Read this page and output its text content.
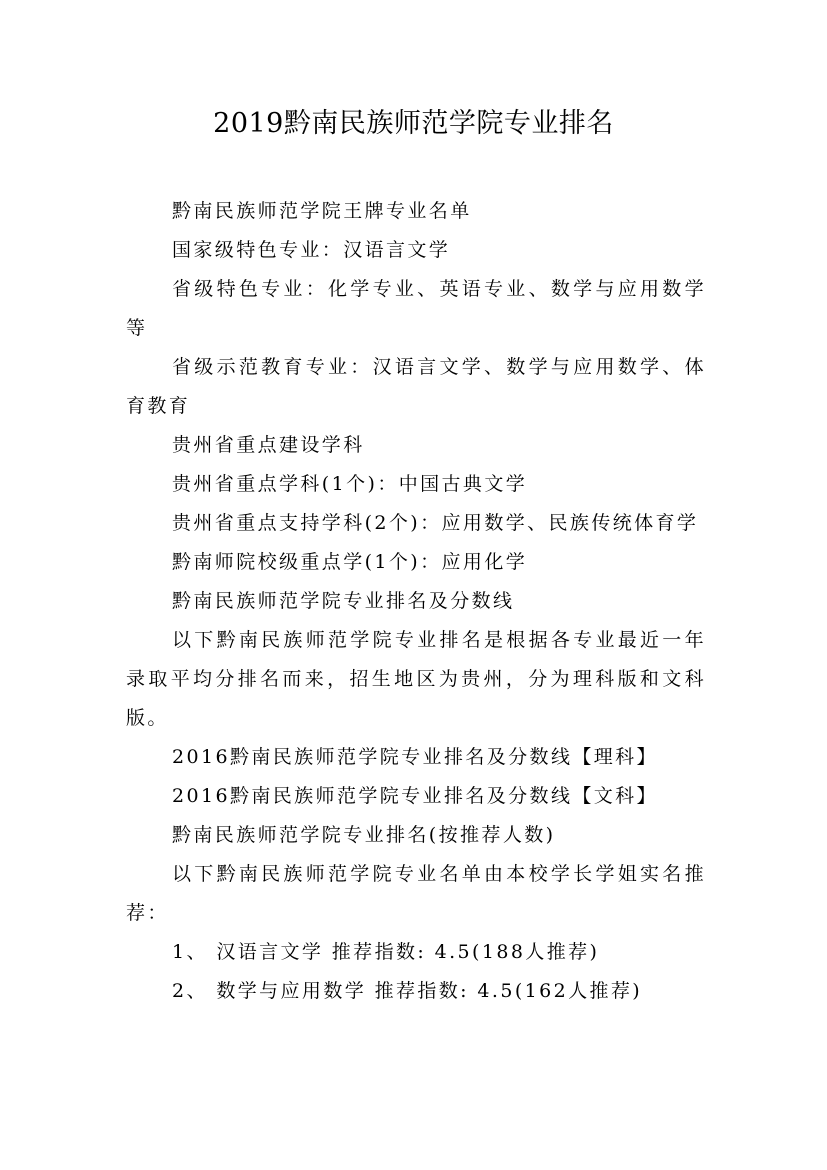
2019黔南民族师范学院专业排名

黔南民族师范学院王牌专业名单

国家级特色专业：汉语言文学

省级特色专业：化学专业、英语专业、数学与应用数学等

省级示范教育专业：汉语言文学、数学与应用数学、体育教育

贵州省重点建设学科

贵州省重点学科(1个)：中国古典文学

贵州省重点支持学科(2个)：应用数学、民族传统体育学

黔南师院校级重点学(1个)：应用化学

黔南民族师范学院专业排名及分数线

以下黔南民族师范学院专业排名是根据各专业最近一年录取平均分排名而来，招生地区为贵州，分为理科版和文科版。

2016黔南民族师范学院专业排名及分数线【理科】

2016黔南民族师范学院专业排名及分数线【文科】

黔南民族师范学院专业排名(按推荐人数)

以下黔南民族师范学院专业名单由本校学长学姐实名推荐：

1、 汉语言文学 推荐指数: 4.5(188人推荐)

2、 数学与应用数学 推荐指数: 4.5(162人推荐)
